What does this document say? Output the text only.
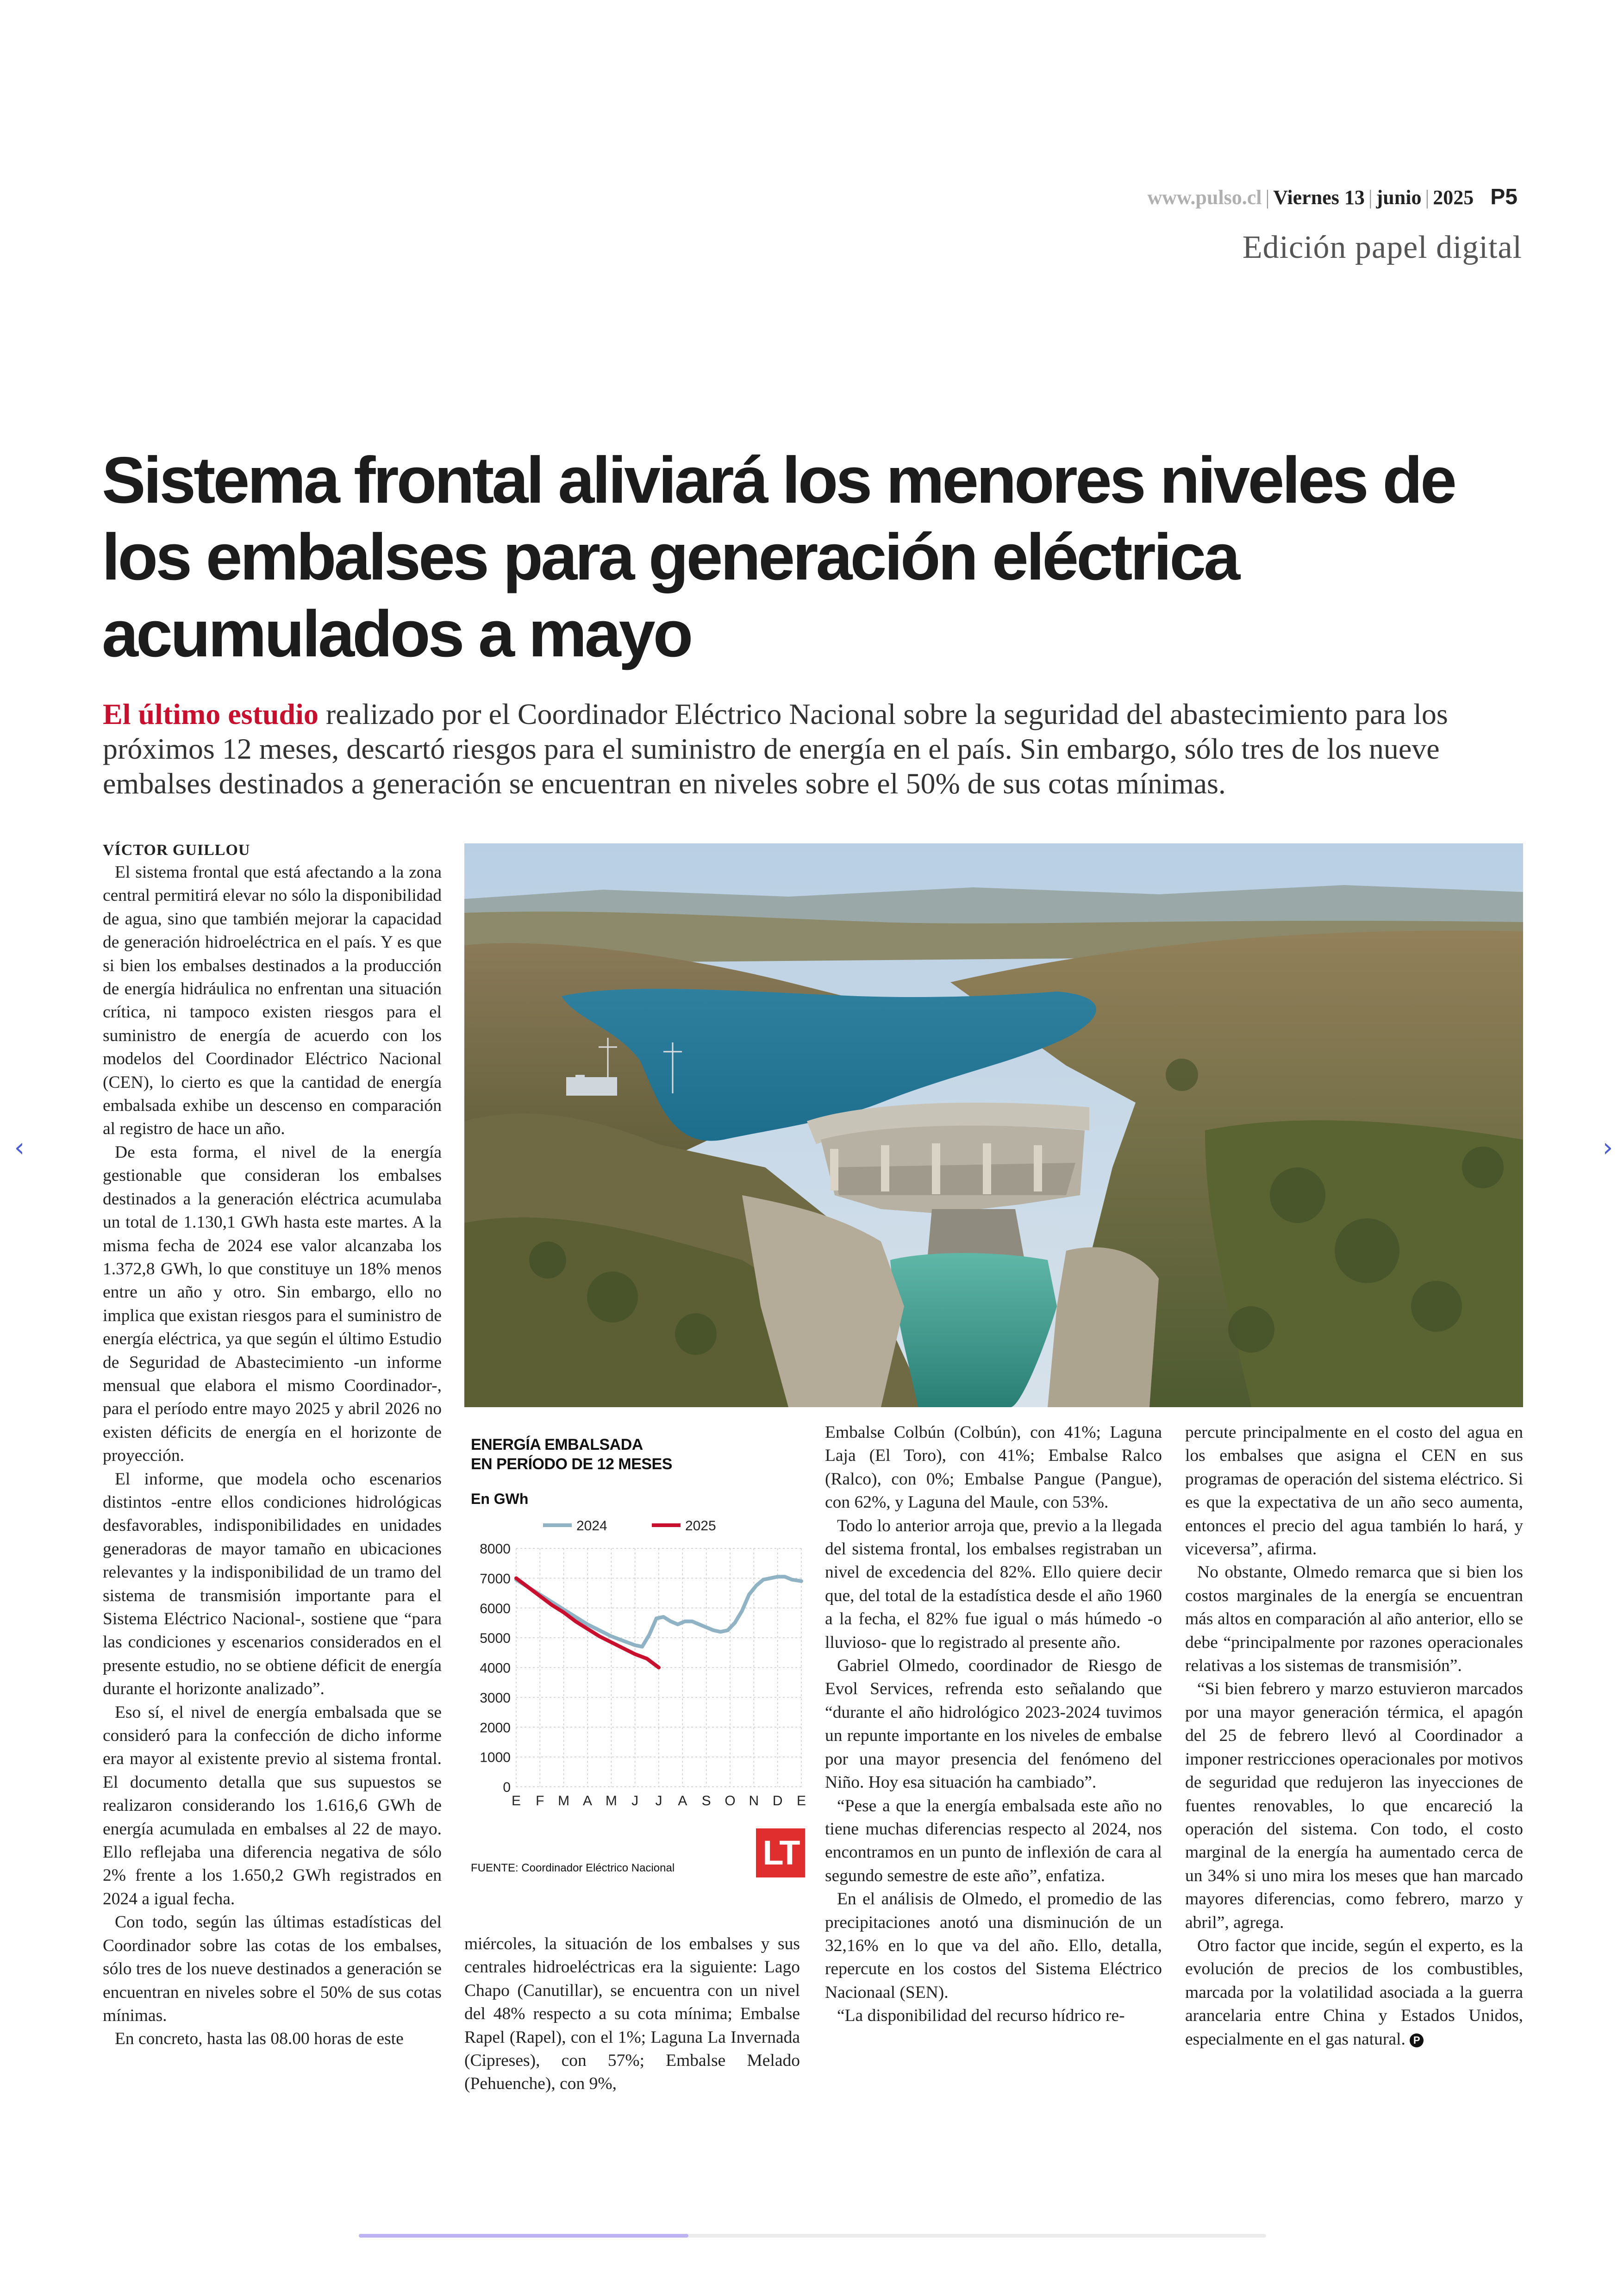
‹	›
www.pulso.cl | Viernes 13 | junio | 2025 P5
Edición papel digital
Sistema frontal aliviará los menores niveles de los embalses para generación eléctrica acumulados a mayo

El último estudio realizado por el Coordinador Eléctrico Nacional sobre la seguridad del abastecimiento para los próximos 12 meses, descartó riesgos para el suministro de energía en el país. Sin embargo, sólo tres de los nueve embalses destinados a generación se encuentran en niveles sobre el 50% de sus cotas mínimas.

VÍCTOR GUILLOU

El sistema frontal que está afectando a la zona central permitirá elevar no sólo la disponibilidad de agua, sino que también mejorar la capacidad de generación hidroeléctrica en el país. Y es que si bien los embalses destinados a la producción de energía hidráulica no enfrentan una situación crítica, ni tampoco existen riesgos para el suministro de energía de acuerdo con los modelos del Coordinador Eléctrico Nacional (CEN), lo cierto es que la cantidad de energía embalsada exhibe un descenso en comparación al registro de hace un año.

De esta forma, el nivel de la energía gestionable que consideran los embalses destinados a la generación eléctrica acumulaba un total de 1.130,1 GWh hasta este martes. A la misma fecha de 2024 ese valor alcanzaba los 1.372,8 GWh, lo que constituye un 18% menos entre un año y otro. Sin embargo, ello no implica que existan riesgos para el suministro de energía eléctrica, ya que según el último Estudio de Seguridad de Abastecimiento -un informe mensual que elabora el mismo Coordinador-, para el período entre mayo 2025 y abril 2026 no existen déficits de energía en el horizonte de proyección.

El informe, que modela ocho escenarios distintos -entre ellos condiciones hidrológicas desfavorables, indisponibilidades en unidades generadoras de mayor tamaño en ubicaciones relevantes y la indisponibilidad de un tramo del sistema de transmisión importante para el Sistema Eléctrico Nacional-, sostiene que “para las condiciones y escenarios considerados en el presente estudio, no se obtiene déficit de energía durante el horizonte analizado”.

Eso sí, el nivel de energía embalsada que se consideró para la confección de dicho informe era mayor al existente previo al sistema frontal. El documento detalla que sus supuestos se realizaron considerando los 1.616,6 GWh de energía acumulada en embalses al 22 de mayo. Ello reflejaba una diferencia negativa de sólo 2% frente a los 1.650,2 GWh registrados en 2024 a igual fecha.

Con todo, según las últimas estadísticas del Coordinador sobre las cotas de los embalses, sólo tres de los nueve destinados a generación se encuentran en niveles sobre el 50% de sus cotas mínimas.

En concreto, hasta las 08.00 horas de este

ENERGÍA EMBALSADA
EN PERÍODO DE 12 MESES
En GWh
0
1000
2000
3000
4000
5000
6000
7000
8000
E F M A M J J A S O N D E
2024	2025
FUENTE: Coordinador Eléctrico Nacional	LT

miércoles, la situación de los embalses y sus centrales hidroeléctricas era la siguiente: Lago Chapo (Canutillar), se encuentra con un nivel del 48% respecto a su cota mínima; Embalse Rapel (Rapel), con el 1%; Laguna La Invernada (Cipreses), con 57%; Embalse Melado (Pehuenche), con 9%,

Embalse Colbún (Colbún), con 41%; Laguna Laja (El Toro), con 41%; Embalse Ralco (Ralco), con 0%; Embalse Pangue (Pangue), con 62%, y Laguna del Maule, con 53%.

Todo lo anterior arroja que, previo a la llegada del sistema frontal, los embalses registraban un nivel de excedencia del 82%. Ello quiere decir que, del total de la estadística desde el año 1960 a la fecha, el 82% fue igual o más húmedo -o lluvioso- que lo registrado al presente año.

Gabriel Olmedo, coordinador de Riesgo de Evol Services, refrenda esto señalando que “durante el año hidrológico 2023-2024 tuvimos un repunte importante en los niveles de embalse por una mayor presencia del fenómeno del Niño. Hoy esa situación ha cambiado”.

“Pese a que la energía embalsada este año no tiene muchas diferencias respecto al 2024, nos encontramos en un punto de inflexión de cara al segundo semestre de este año”, enfatiza.

En el análisis de Olmedo, el promedio de las precipitaciones anotó una disminución de un 32,16% en lo que va del año. Ello, detalla, repercute en los costos del Sistema Eléctrico Nacionaal (SEN).

“La disponibilidad del recurso hídrico re-

percute principalmente en el costo del agua en los embalses que asigna el CEN en sus programas de operación del sistema eléctrico. Si es que la expectativa de un año seco aumenta, entonces el precio del agua también lo hará, y viceversa”, afirma.

No obstante, Olmedo remarca que si bien los costos marginales de la energía se encuentran más altos en comparación al año anterior, ello se debe “principalmente por razones operacionales relativas a los sistemas de transmisión”.

“Si bien febrero y marzo estuvieron marcados por una mayor generación térmica, el apagón del 25 de febrero llevó al Coordinador a imponer restricciones operacionales por motivos de seguridad que redujeron las inyecciones de fuentes renovables, lo que encareció la operación del sistema. Con todo, el costo marginal de la energía ha aumentado cerca de un 34% si uno mira los meses que han marcado mayores diferencias, como febrero, marzo y abril”, agrega.

Otro factor que incide, según el experto, es la evolución de precios de los combustibles, marcada por la volatilidad asociada a la guerra arancelaria entre China y Estados Unidos, especialmente en el gas natural. P
